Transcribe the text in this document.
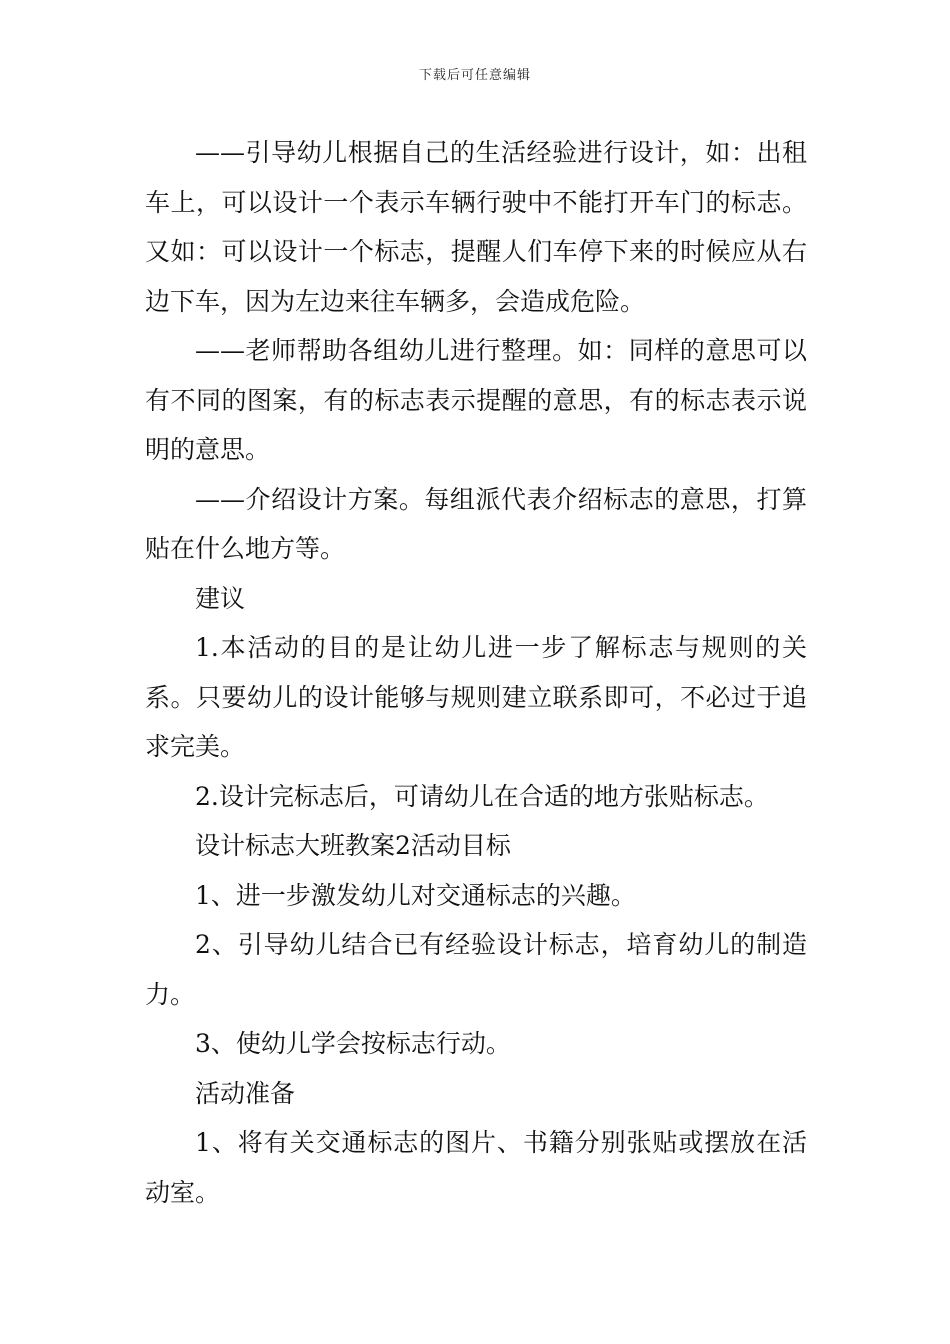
下载后可任意编辑

——引导幼儿根据自己的生活经验进行设计，如：出租车上，可以设计一个表示车辆行驶中不能打开车门的标志。又如：可以设计一个标志，提醒人们车停下来的时候应从右边下车，因为左边来往车辆多，会造成危险。

——老师帮助各组幼儿进行整理。如：同样的意思可以有不同的图案，有的标志表示提醒的意思，有的标志表示说明的意思。

——介绍设计方案。每组派代表介绍标志的意思，打算贴在什么地方等。

建议

1.本活动的目的是让幼儿进一步了解标志与规则的关系。只要幼儿的设计能够与规则建立联系即可，不必过于追求完美。

2.设计完标志后，可请幼儿在合适的地方张贴标志。

设计标志大班教案2活动目标

1、进一步激发幼儿对交通标志的兴趣。

2、引导幼儿结合已有经验设计标志，培育幼儿的制造力。

3、使幼儿学会按标志行动。

活动准备

1、将有关交通标志的图片、书籍分别张贴或摆放在活动室。
